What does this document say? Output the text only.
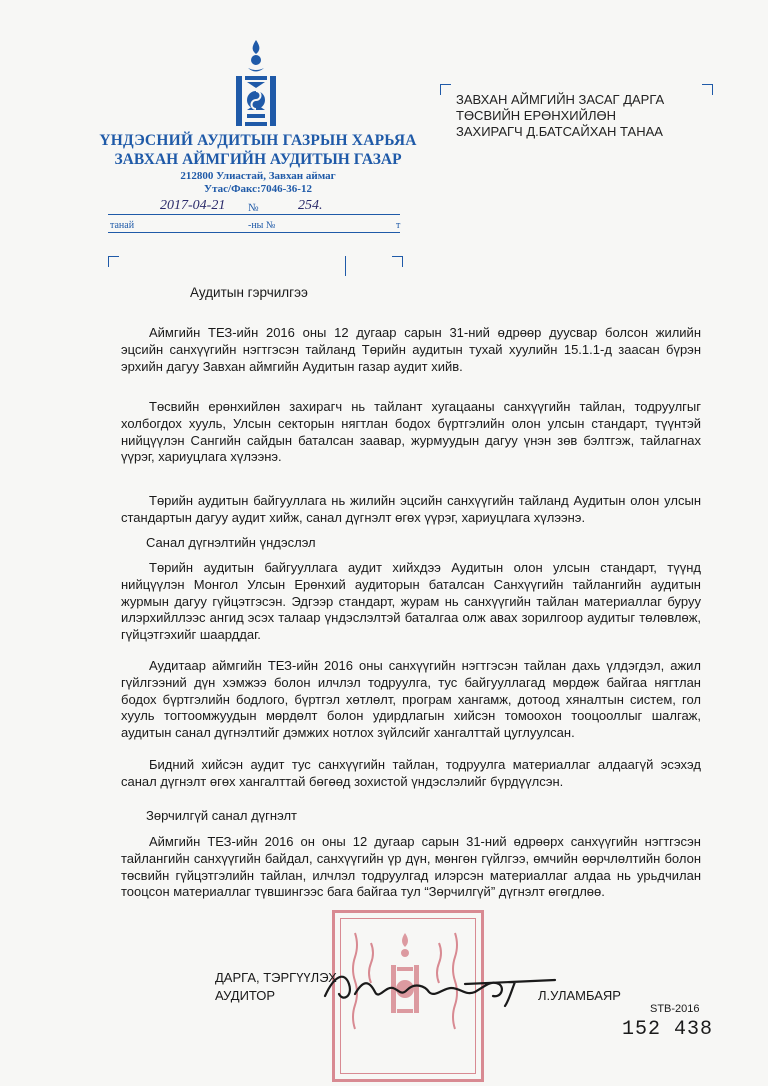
ҮНДЭСНИЙ АУДИТЫН ГАЗРЫН ХАРЬЯА
ЗАВХАН АЙМГИЙН АУДИТЫН ГАЗАР
212800 Улиастай, Завхан аймаг
Утас/Факс:7046-36-12
2017-04-21 №	254.
танай	-ны №	т
ЗАВХАН АЙМГИЙН ЗАСАГ ДАРГА
ТӨСВИЙН ЕРӨНХИЙЛӨН
ЗАХИРАГЧ Д.БАТСАЙХАН ТАНАА
Аудитын гэрчилгээ

Аймгийн ТЕЗ-ийн 2016 оны 12 дугаар сарын 31-ний өдрөөр дуусвар болсон жилийн эцсийн санхүүгийн нэгтгэсэн тайланд Төрийн аудитын тухай хуулийн 15.1.1-д заасан бүрэн эрхийн дагуу Завхан аймгийн Аудитын газар аудит хийв.

Төсвийн ерөнхийлөн захирагч нь тайлант хугацааны санхүүгийн тайлан, тодруулгыг холбогдох хууль, Улсын секторын нягтлан бодох бүртгэлийн олон улсын стандарт, түүнтэй нийцүүлэн Сангийн сайдын баталсан заавар, журмуудын дагуу үнэн зөв бэлтгэж, тайлагнах үүрэг, хариуцлага хүлээнэ.

Төрийн аудитын байгууллага нь жилийн эцсийн санхүүгийн тайланд Аудитын олон улсын стандартын дагуу аудит хийж, санал дүгнэлт өгөх үүрэг, хариуцлага хүлээнэ.

Санал дүгнэлтийн үндэслэл

Төрийн аудитын байгууллага аудит хийхдээ Аудитын олон улсын стандарт, түүнд нийцүүлэн Монгол Улсын Ерөнхий аудиторын баталсан Санхүүгийн тайлангийн аудитын журмын дагуу гүйцэтгэсэн. Эдгээр стандарт, журам нь санхүүгийн тайлан материаллаг буруу илэрхийллээс ангид эсэх талаар үндэслэлтэй баталгаа олж авах зорилгоор аудитыг төлөвлөж, гүйцэтгэхийг шаарддаг.

Аудитаар аймгийн ТЕЗ-ийн 2016 оны санхүүгийн нэгтгэсэн тайлан дахь үлдэгдэл, ажил гүйлгээний дүн хэмжээ болон илчлэл тодруулга, тус байгууллагад мөрдөж байгаа нягтлан бодох бүртгэлийн бодлого, бүртгэл хөтлөлт, програм хангамж, дотоод хяналтын систем, гол хууль тогтоомжуудын мөрдөлт болон удирдлагын хийсэн томоохон тооцооллыг шалгаж, аудитын санал дүгнэлтийг дэмжих нотлох зүйлсийг хангалттай цуглуулсан.

Бидний хийсэн аудит тус санхүүгийн тайлан, тодруулга материаллаг алдаагүй эсэхэд санал дүгнэлт өгөх хангалттай бөгөөд зохистой үндэслэлийг бүрдүүлсэн.

Зөрчилгүй санал дүгнэлт

Аймгийн ТЕЗ-ийн 2016 он оны 12 дугаар сарын 31-ний өдрөөрх санхүүгийн нэгтгэсэн тайлангийн санхүүгийн байдал, санхүүгийн үр дүн, мөнгөн гүйлгээ, өмчийн өөрчлөлтийн болон төсвийн гүйцэтгэлийн тайлан, илчлэл тодруулгад илэрсэн материаллаг алдаа нь урьдчилан тооцсон материаллаг түвшингээс бага байгаа тул “Зөрчилгүй” дүгнэлт өгөгдлөө.

ДАРГА, ТЭРГҮҮЛЭХ
АУДИТОР	Л.УЛАМБАЯР
STB-2016
152 438
